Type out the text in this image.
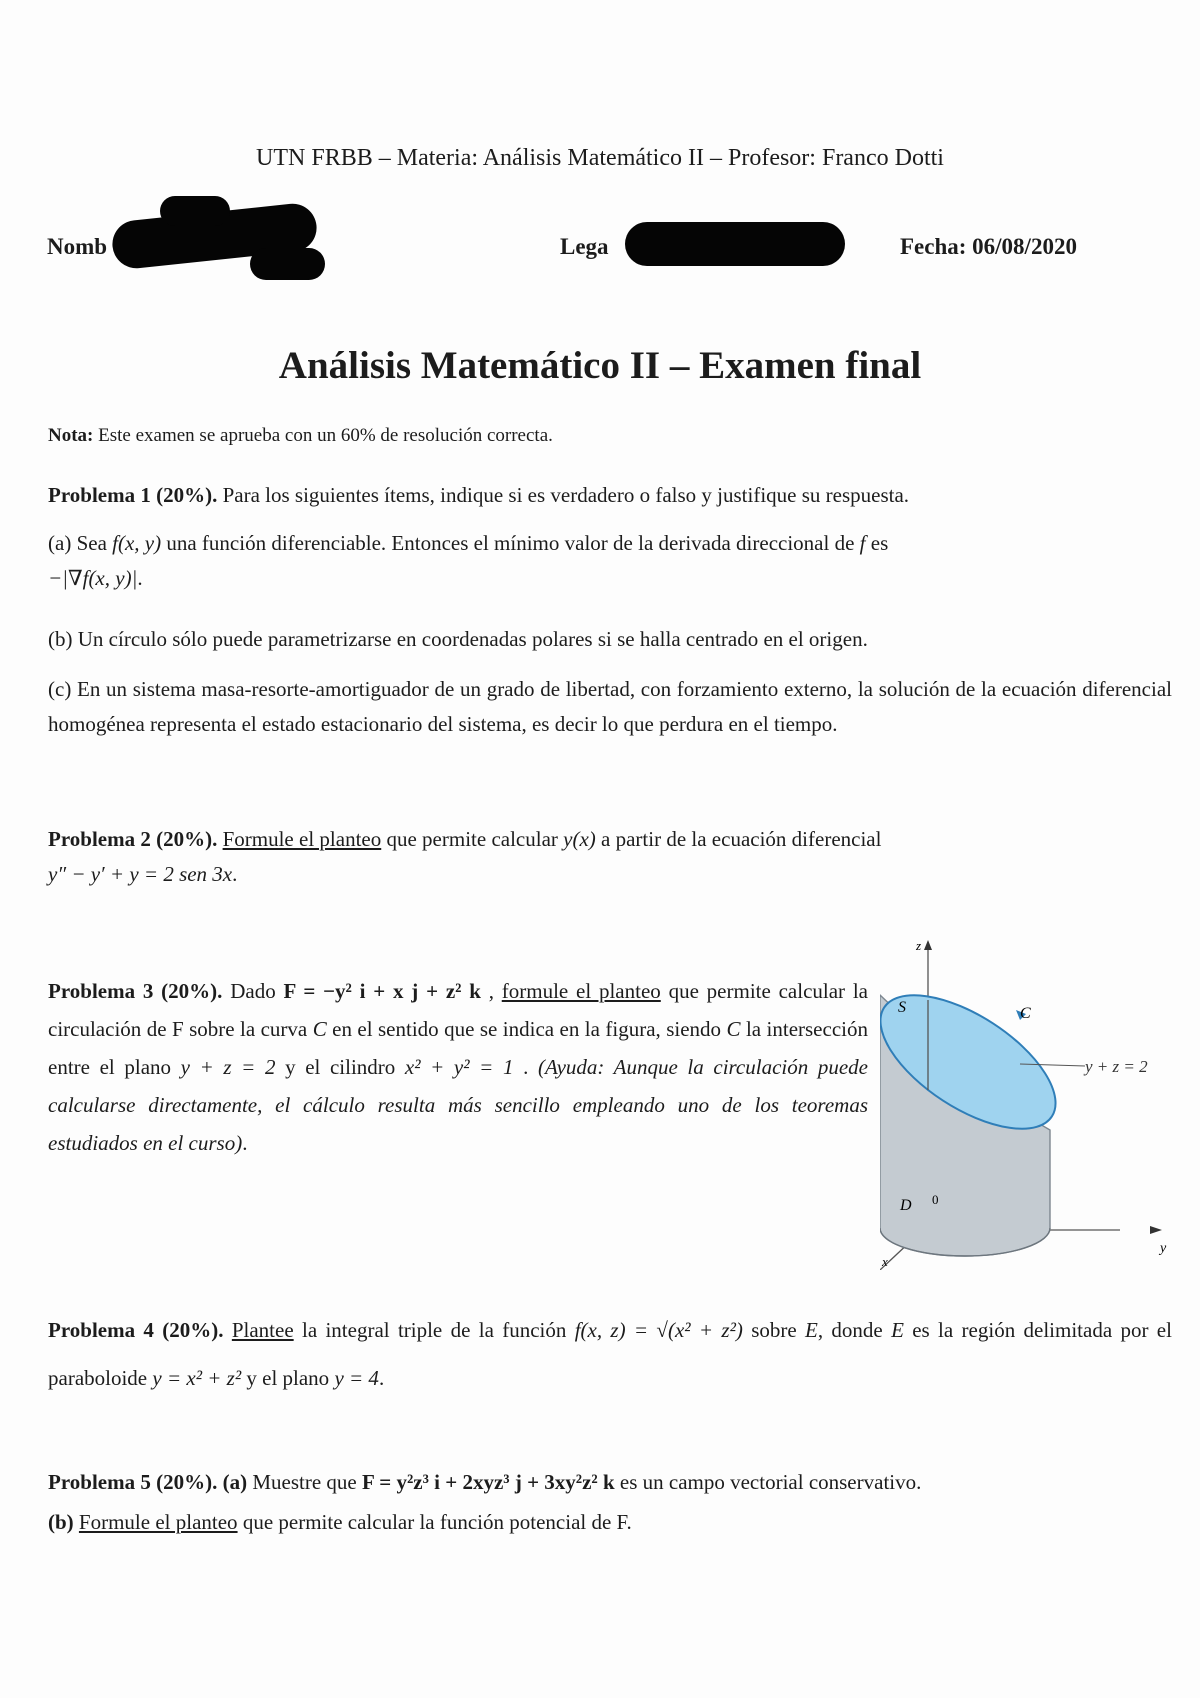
UTN FRBB – Materia: Análisis Matemático II – Profesor: Franco Dotti
Nomb	Lega	Fecha: 06/08/2020
Análisis Matemático II – Examen final
Nota: Este examen se aprueba con un 60% de resolución correcta.
Problema 1 (20%). Para los siguientes ítems, indique si es verdadero o falso y justifique su respuesta.
(a) Sea f(x, y) una función diferenciable. Entonces el mínimo valor de la derivada direccional de f es
−|∇f(x, y)|.
(b) Un círculo sólo puede parametrizarse en coordenadas polares si se halla centrado en el origen.
(c) En un sistema masa-resorte-amortiguador de un grado de libertad, con forzamiento externo, la solución de la ecuación diferencial homogénea representa el estado estacionario del sistema, es decir lo que perdura en el tiempo.
Problema 2 (20%). Formule el planteo que permite calcular y(x) a partir de la ecuación diferencial
y″ − y′ + y = 2 sen 3x.
Problema 3 (20%). Dado F = −y² i + x j + z² k , formule el planteo que permite calcular la circulación de F sobre la curva C en el sentido que se indica en la figura, siendo C la intersección entre el plano y + z = 2 y el cilindro x² + y² = 1 . (Ayuda: Aunque la circulación puede calcularse directamente, el cálculo resulta más sencillo empleando uno de los teoremas estudiados en el curso).
z
y
x
S	C
y + z = 2
D 0
Problema 4 (20%). Plantee la integral triple de la función f(x, z) = √(x² + z²) sobre E, donde E es la región delimitada por el paraboloide y = x² + z² y el plano y = 4.
Problema 5 (20%). (a) Muestre que F = y²z³ i + 2xyz³ j + 3xy²z² k es un campo vectorial conservativo.
(b) Formule el planteo que permite calcular la función potencial de F.
